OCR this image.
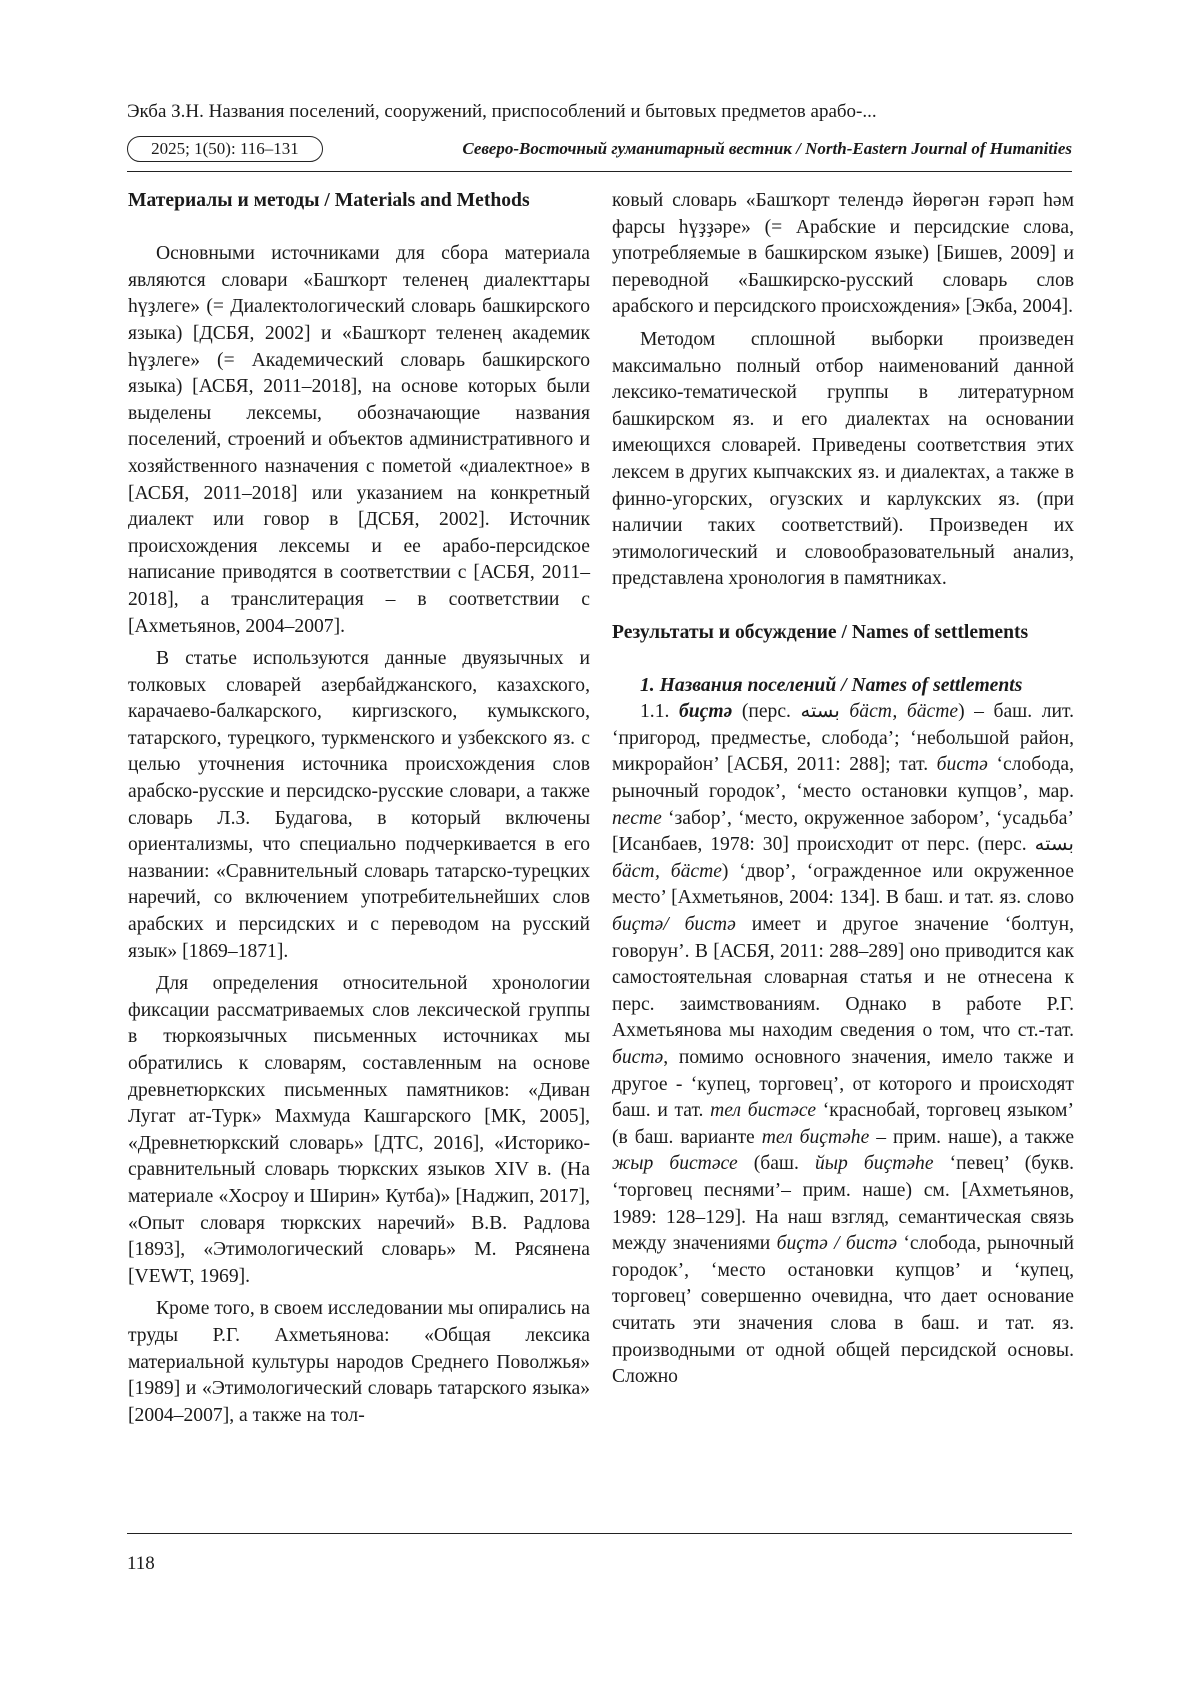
Экба З.Н. Названия поселений, сооружений, приспособлений и бытовых предметов арабо-...
2025; 1(50): 116–131	Северо-Восточный гуманитарный вестник / North-Eastern Journal of Humanities

Материалы и методы / Materials and Methods

Основными источниками для сбора материала являются словари «Башҡорт теленең диалекттары һүҙлеге» (= Диалектологический словарь башкирского языка) [ДСБЯ, 2002] и «Башҡорт теленең академик һүҙлеге» (= Академический словарь башкирского языка) [АСБЯ, 2011–2018], на основе которых были выделены лексемы, обозначающие названия поселений, строений и объектов административного и хозяйственного назначения с пометой «диалектное» в [АСБЯ, 2011–2018] или указанием на конкретный диалект или говор в [ДСБЯ, 2002]. Источник происхождения лексемы и ее арабо-персидское написание приводятся в соответствии с [АСБЯ, 2011–2018], а транслитерация – в соответствии с [Ахметьянов, 2004–2007].

В статье используются данные двуязычных и толковых словарей азербайджанского, казахского, карачаево-балкарского, киргизского, кумыкского, татарского, турецкого, туркменского и узбекского яз. с целью уточнения источника происхождения слов арабско-русские и персидско-русские словари, а также словарь Л.З. Будагова, в который включены ориентализмы, что специально подчеркивается в его названии: «Сравнительный словарь татарско-турецких наречий, со включением употребительнейших слов арабских и персидских и с переводом на русский язык» [1869–1871].

Для определения относительной хронологии фиксации рассматриваемых слов лексической группы в тюркоязычных письменных источниках мы обратились к словарям, составленным на основе древнетюркских письменных памятников: «Диван Лугат ат-Турк» Махмуда Кашгарского [МК, 2005], «Древнетюркский словарь» [ДТС, 2016], «Историко-сравнительный словарь тюркских языков XIV в. (На материале «Хосроу и Ширин» Кутба)» [Наджип, 2017], «Опыт словаря тюркских наречий» В.В. Радлова [1893], «Этимологический словарь» М. Рясянена [VEWT, 1969].

Кроме того, в своем исследовании мы опирались на труды Р.Г. Ахметьянова: «Общая лексика материальной культуры народов Среднего Поволжья» [1989] и «Этимологический словарь татарского языка» [2004–2007], а также на тол-

ковый словарь «Башҡорт телендә йөрөгән ғәрәп һәм фарсы һүҙҙәре» (= Арабские и персидские слова, употребляемые в башкирском языке) [Бишев, 2009] и переводной «Башкирско-русский словарь слов арабского и персидского происхождения» [Экба, 2004].

Методом сплошной выборки произведен максимально полный отбор наименований данной лексико-тематической группы в литературном башкирском яз. и его диалектах на основании имеющихся словарей. Приведены соответствия этих лексем в других кыпчакских яз. и диалектах, а также в финно-угорских, огузских и карлукских яз. (при наличии таких соответствий). Произведен их этимологический и словообразовательный анализ, представлена хронология в памятниках.

Результаты и обсуждение / Names of settlements

1. Названия поселений / Names of settlements

1.1. биҫтә (перс. بسته бäст, бäсте) – баш. лит. ‘пригород, предместье, слобода’; ‘небольшой район, микрорайон’ [АСБЯ, 2011: 288]; тат. бистә ‘слобода, рыночный городок’, ‘место остановки купцов’, мар. песте ‘забор’, ‘место, окруженное забором’, ‘усадьба’ [Исанбаев, 1978: 30] происходит от перс. (перс. بسته бäст, бäсте) ‘двор’, ‘огражденное или окруженное место’ [Ахметьянов, 2004: 134]. В баш. и тат. яз. слово биҫтә/ бистә имеет и другое значение ‘болтун, говорун’. В [АСБЯ, 2011: 288–289] оно приводится как самостоятельная словарная статья и не отнесена к перс. заимствованиям. Однако в работе Р.Г. Ахметьянова мы находим сведения о том, что ст.-тат. бистә, помимо основного значения, имело также и другое - ‘купец, торговец’, от которого и происходят баш. и тат. тел бистәсе ‘краснобай, торговец языком’ (в баш. варианте тел биҫтәһе – прим. наше), а также жыр бистәсе (баш. йыр биҫтәһе ‘певец’ (букв. ‘торговец песнями’– прим. наше) см. [Ахметьянов, 1989: 128–129]. На наш взгляд, семантическая связь между значениями биҫтә / бистә ‘слобода, рыночный городок’, ‘место остановки купцов’ и ‘купец, торговец’ совершенно очевидна, что дает основание считать эти значения слова в баш. и тат. яз. производными от одной общей персидской основы. Сложно

118
